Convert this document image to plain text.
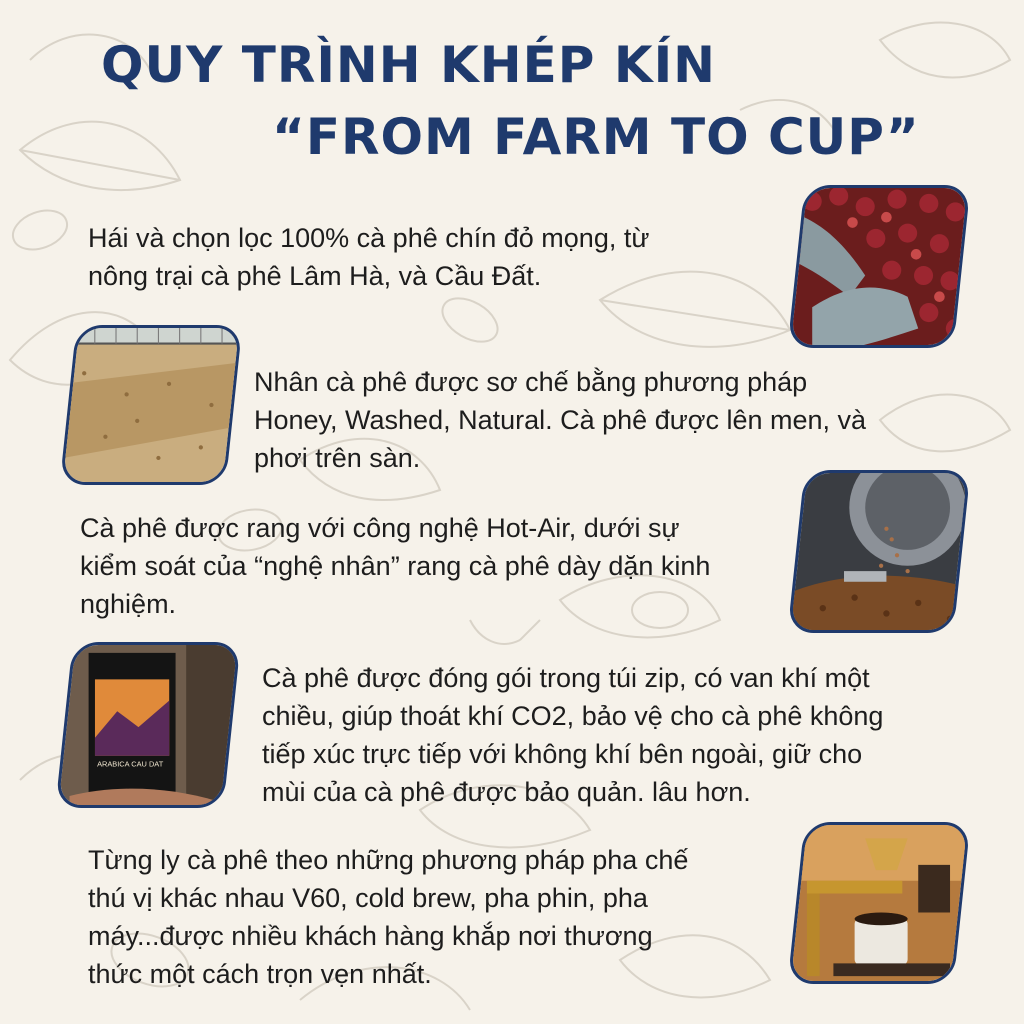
QUY TRÌNH KHÉP KÍN
“FROM FARM TO CUP”
Hái và chọn lọc 100% cà phê chín đỏ mọng, từ
nông trại cà phê Lâm Hà, và Cầu Đất.
Nhân cà phê được sơ chế bằng phương pháp
Honey, Washed, Natural. Cà phê được lên men, và
phơi trên sàn.
Cà phê được rang với công nghệ Hot-Air, dưới sự
kiểm soát của “nghệ nhân” rang cà phê dày dặn kinh
nghiệm.
ARABICA CAU DAT
Cà phê được đóng gói trong túi zip, có van khí một
chiều, giúp thoát khí CO2, bảo vệ cho cà phê không
tiếp xúc trực tiếp với không khí bên ngoài, giữ cho
mùi của cà phê được bảo quản. lâu hơn.
Từng ly cà phê theo những phương pháp pha chế
thú vị khác nhau V60, cold brew, pha phin, pha
máy...được nhiều khách hàng khắp nơi thương
thức một cách trọn vẹn nhất.
